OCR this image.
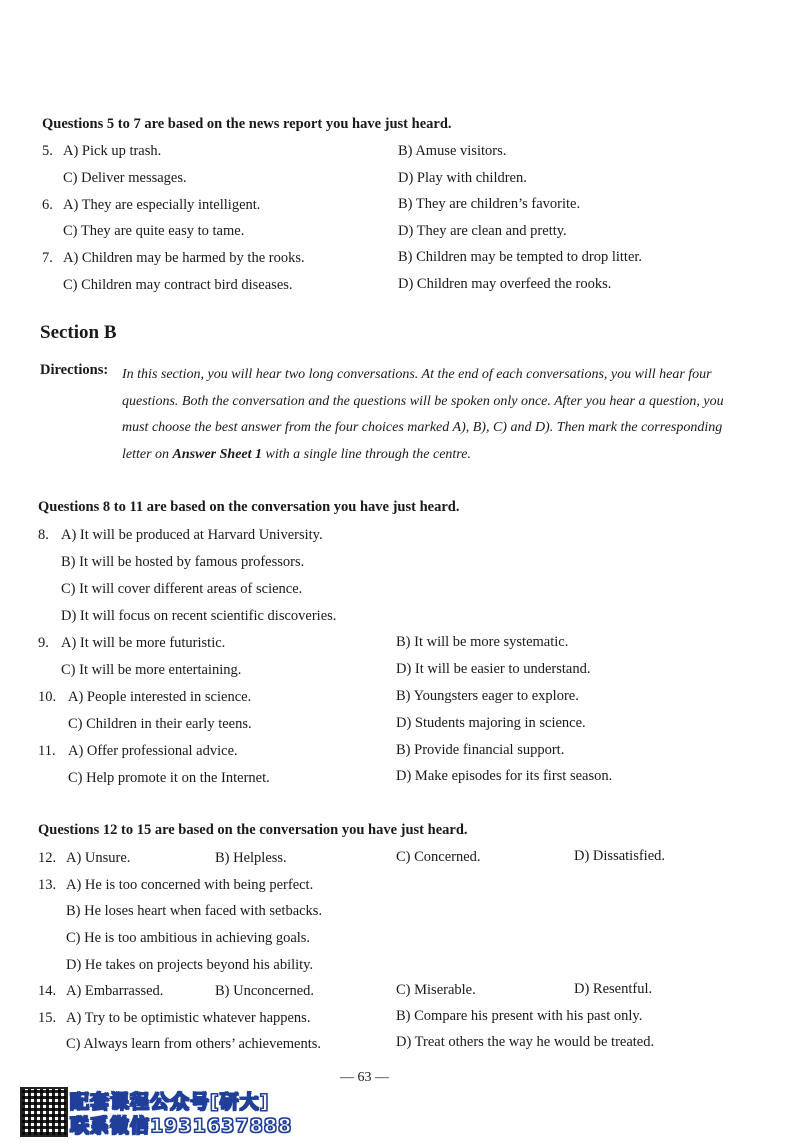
Questions 5 to 7 are based on the news report you have just heard.
5. A) Pick up trash.	B) Amuse visitors.
C) Deliver messages.	D) Play with children.
6. A) They are especially intelligent.	B) They are children’s favorite.
C) They are quite easy to tame.	D) They are clean and pretty.
7. A) Children may be harmed by the rooks.	B) Children may be tempted to drop litter.
C) Children may contract bird diseases.	D) Children may overfeed the rooks.
Section B
Directions: In this section, you will hear two long conversations. At the end of each conversations, you will hear four questions. Both the conversation and the questions will be spoken only once. After you hear a question, you must choose the best answer from the four choices marked A), B), C) and D). Then mark the corresponding letter on Answer Sheet 1 with a single line through the centre.
Questions 8 to 11 are based on the conversation you have just heard.
8. A) It will be produced at Harvard University.
B) It will be hosted by famous professors.
C) It will cover different areas of science.
D) It will focus on recent scientific discoveries.
9. A) It will be more futuristic.	B) It will be more systematic.
C) It will be more entertaining.	D) It will be easier to understand.
10. A) People interested in science.	B) Youngsters eager to explore.
C) Children in their early teens.	D) Students majoring in science.
11. A) Offer professional advice.	B) Provide financial support.
C) Help promote it on the Internet.	D) Make episodes for its first season.
Questions 12 to 15 are based on the conversation you have just heard.
12. A) Unsure.	B) Helpless.	C) Concerned.	D) Dissatisfied.
13. A) He is too concerned with being perfect.
B) He loses heart when faced with setbacks.
C) He is too ambitious in achieving goals.
D) He takes on projects beyond his ability.
14. A) Embarrassed.	B) Unconcerned.	C) Miserable.	D) Resentful.
15. A) Try to be optimistic whatever happens.	B) Compare his present with his past only.
C) Always learn from others’ achievements.	D) Treat others the way he would be treated.
— 63 —
配套课程公众号[研大]
联系微信1931637888
